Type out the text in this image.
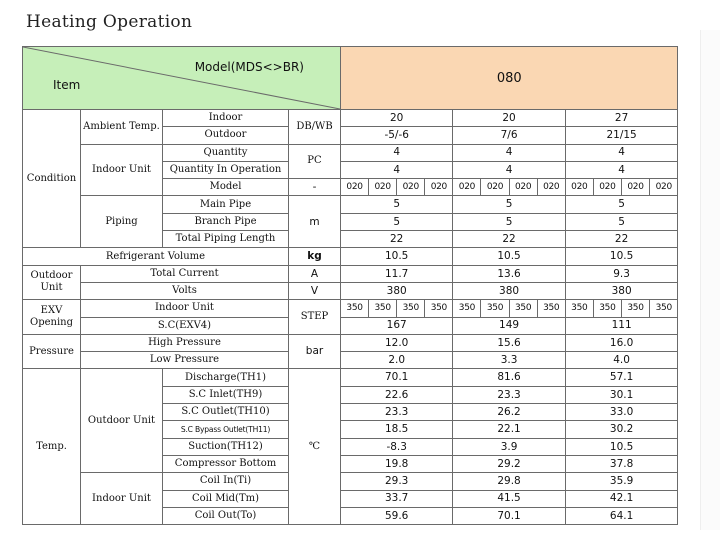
Heating Operation
Model(MDS<>BR)
Item				080											
Condition	Ambient Temp.	Indoor	DB/WB	20				20				27			
		Outdoor		-5/-6				7/6				21/15			
	Indoor Unit	Quantity	PC	4				4				4			
		Quantity In Operation		4				4				4			
		Model	-	020	020	020	020	020	020	020	020	020	020	020	020
	Piping	Main Pipe	m	5				5				5			
		Branch Pipe		5				5				5			
		Total Piping Length		22				22				22			
Refrigerant Volume			kg	10.5				10.5				10.5			
Outdoor Unit	Total Current		A	11.7				13.6				9.3			
	Volts		V	380				380				380			
EXV Opening	Indoor Unit		STEP	350	350	350	350	350	350	350	350	350	350	350	350
	S.C(EXV4)			167				149				111			
Pressure	High Pressure		bar	12.0				15.6				16.0			
	Low Pressure			2.0				3.3				4.0			
Temp.	Outdoor Unit	Discharge(TH1)	℃	70.1				81.6				57.1			
		S.C Inlet(TH9)		22.6				23.3				30.1			
		S.C Outlet(TH10)		23.3				26.2				33.0			
		S.C Bypass Outlet(TH11)		18.5				22.1				30.2			
		Suction(TH12)		-8.3				3.9				10.5			
		Compressor Bottom		19.8				29.2				37.8			
	Indoor Unit	Coil In(Ti)		29.3				29.8				35.9			
		Coil Mid(Tm)		33.7				41.5				42.1			
		Coil Out(To)		59.6				70.1				64.1			
